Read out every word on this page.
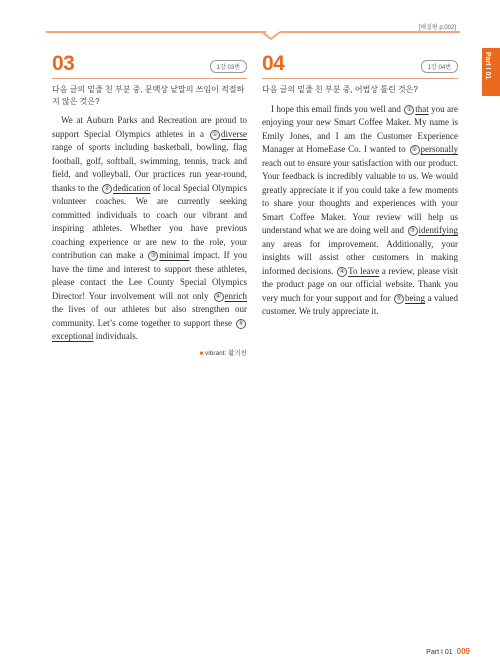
[해설편 p.002]
Part I 01
03	1강 03번
다음 글의 밑줄 친 부분 중, 문맥상 낱말의 쓰임이 적절하지 않은 것은?
We at Auburn Parks and Recreation are proud to support Special Olympics athletes in a ① diverse range of sports including basketball, bowling, flag football, golf, softball, swimming, tennis, track and field, and volleyball. Our practices run year-round, thanks to the ② dedication of local Special Olympics volunteer coaches. We are currently seeking committed individuals to coach our vibrant and inspiring athletes. Whether you have previous coaching experience or are new to the role, your contribution can make a ③ minimal impact. If you have the time and interest to support these athletes, please contact the Lee County Special Olympics Director! Your involvement will not only ④ enrich the lives of our athletes but also strengthen our community. Let’s come together to support these ⑤exceptional individuals.
■ vibrant: 활기찬
04	1강 04번
다음 글의 밑줄 친 부분 중, 어법상 틀린 것은?
I hope this email finds you well and ① that you are enjoying your new Smart Coffee Maker. My name is Emily Jones, and I am the Customer Experience Manager at HomeEase Co. I wanted to ② personally reach out to ensure your satisfaction with our product. Your feedback is incredibly valuable to us. We would greatly appreciate it if you could take a few moments to share your thoughts and experiences with your Smart Coffee Maker. Your review will help us understand what we are doing well and ③ identifying any areas for improvement. Additionally, your insights will assist other customers in making informed decisions. ④ To leave a review, please visit the product page on our official website. Thank you very much for your support and for ⑤ being a valued customer. We truly appreciate it.
Part I 01 009
